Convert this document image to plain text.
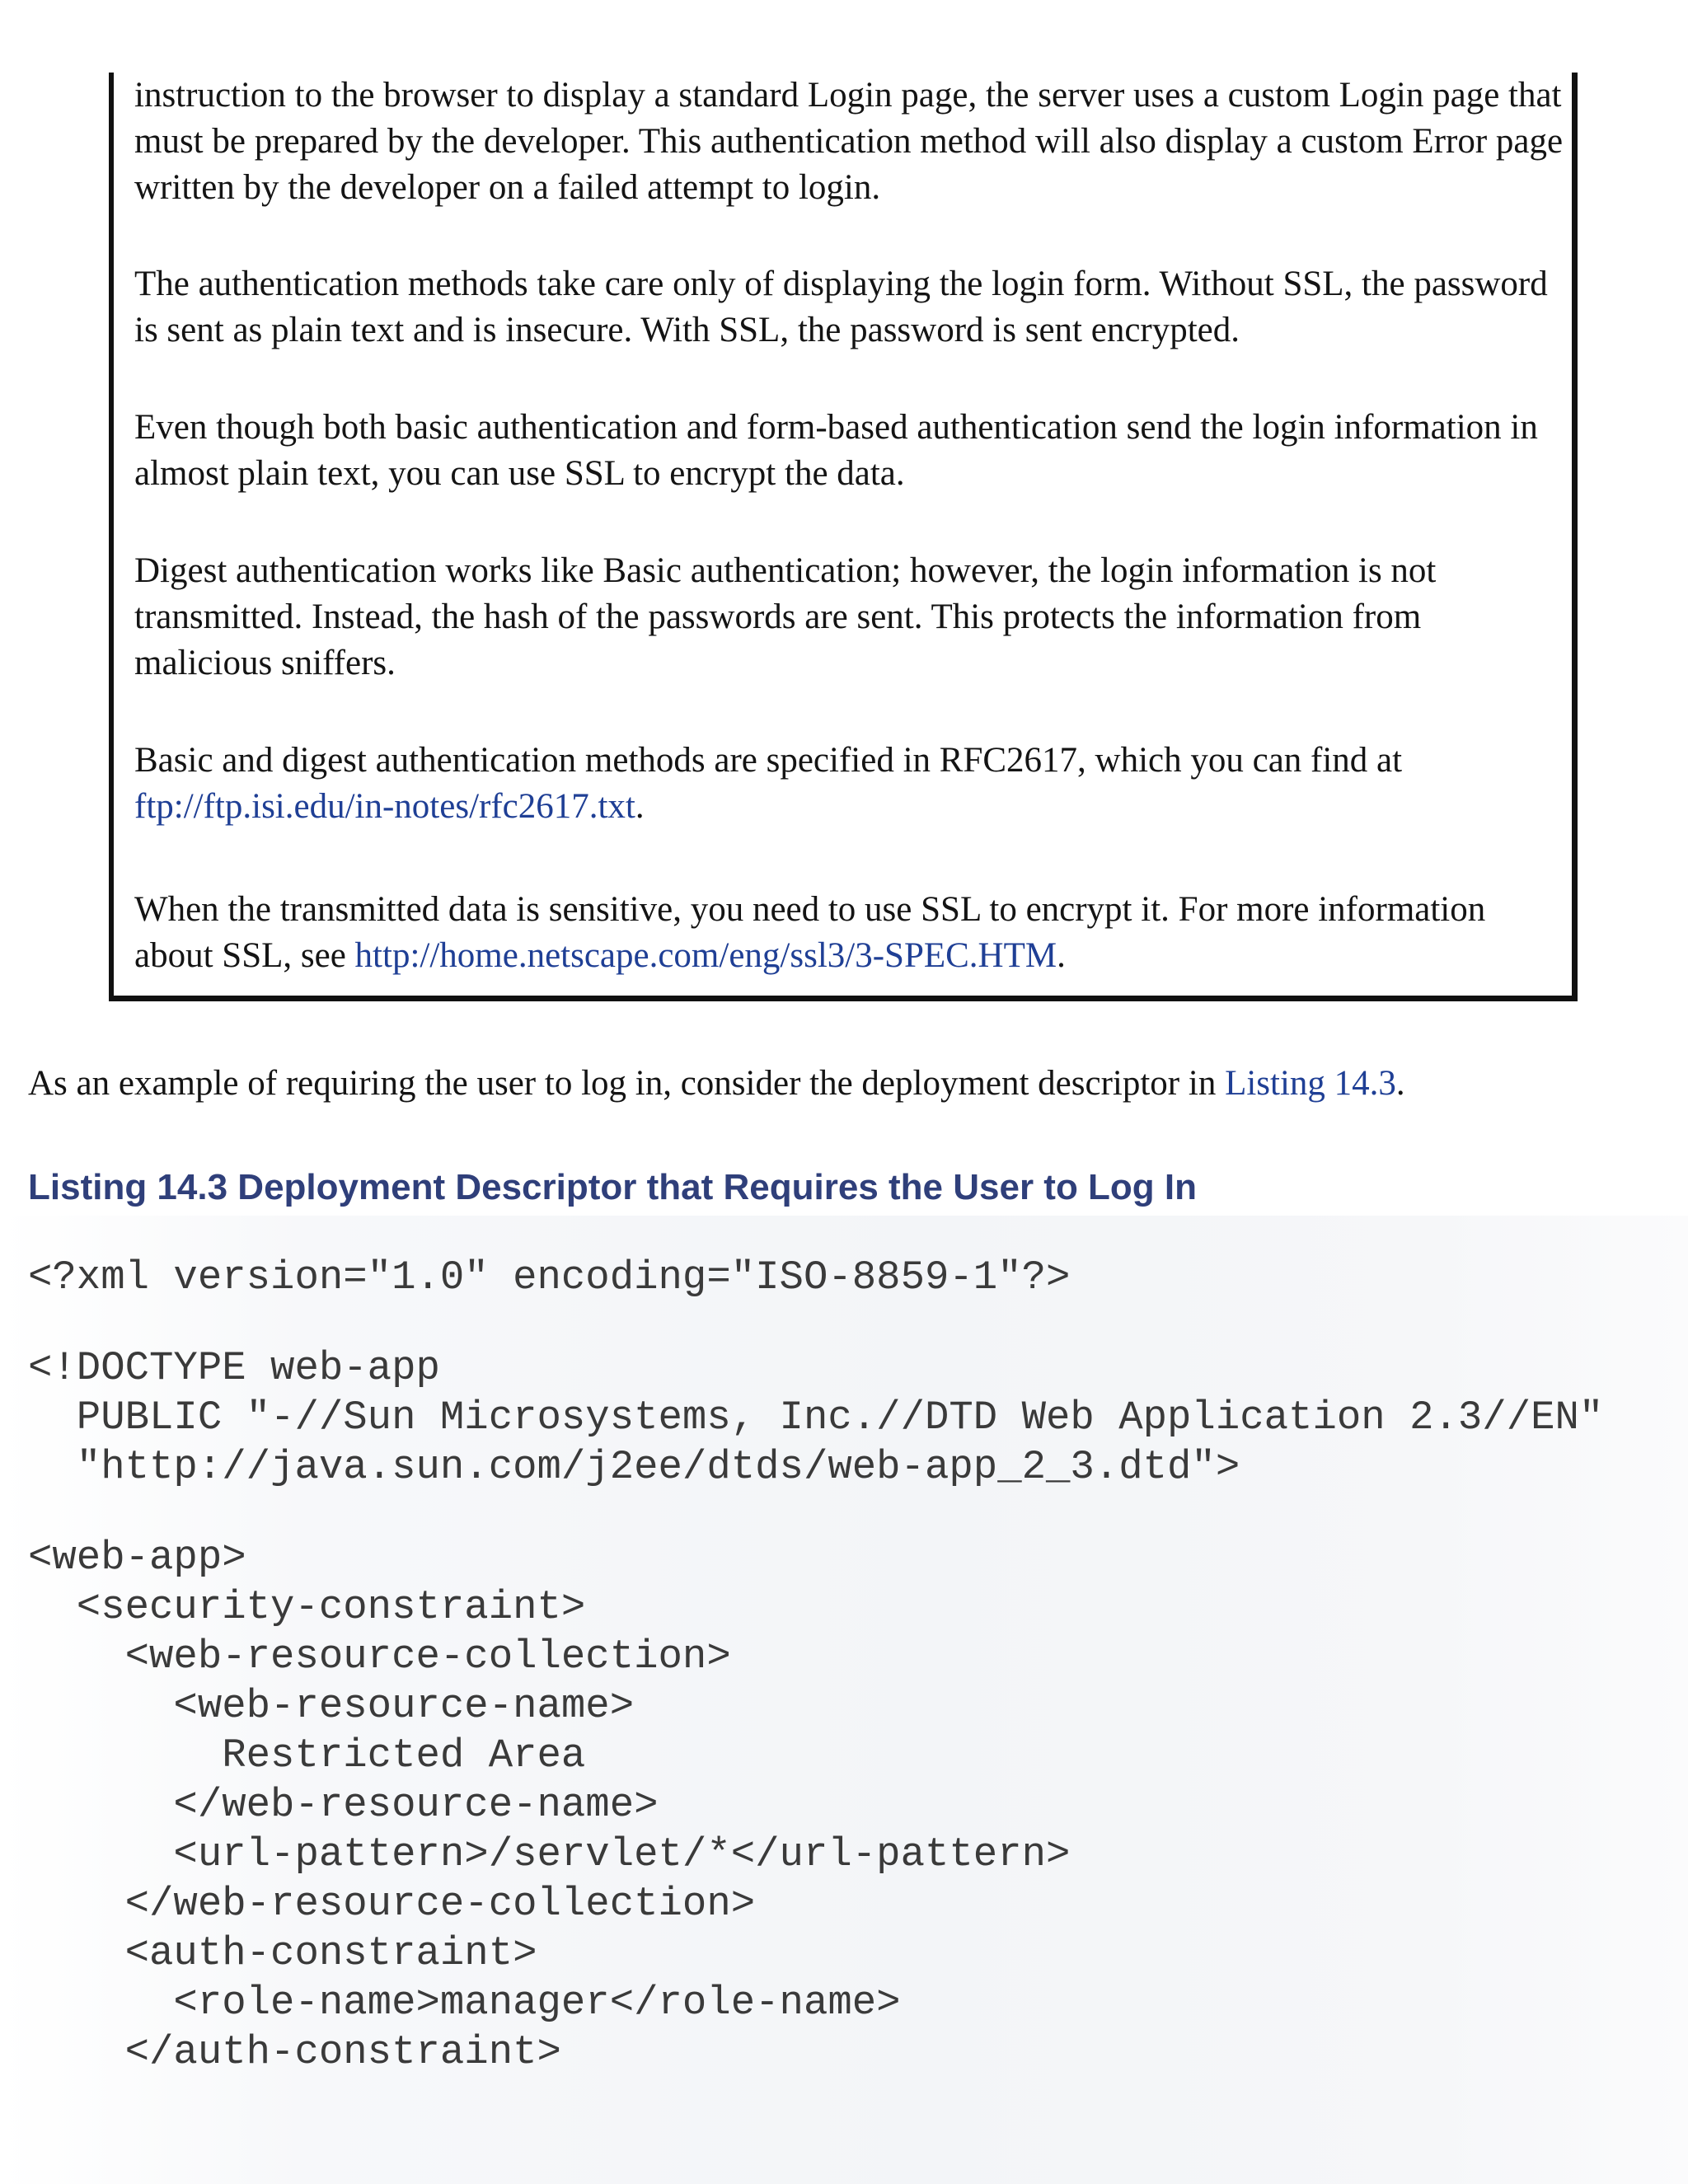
instruction to the browser to display a standard Login page, the server uses a custom Login page that must be prepared by the developer. This authentication method will also display a custom Error page written by the developer on a failed attempt to login.

The authentication methods take care only of displaying the login form. Without SSL, the password is sent as plain text and is insecure. With SSL, the password is sent encrypted.

Even though both basic authentication and form-based authentication send the login information in almost plain text, you can use SSL to encrypt the data.

Digest authentication works like Basic authentication; however, the login information is not transmitted. Instead, the hash of the passwords are sent. This protects the information from malicious sniffers.

Basic and digest authentication methods are specified in RFC2617, which you can find at ftp://ftp.isi.edu/in-notes/rfc2617.txt.

When the transmitted data is sensitive, you need to use SSL to encrypt it. For more information about SSL, see http://home.netscape.com/eng/ssl3/3-SPEC.HTM.

As an example of requiring the user to log in, consider the deployment descriptor in Listing 14.3.

Listing 14.3 Deployment Descriptor that Requires the User to Log In
<?xml version="1.0" encoding="ISO-8859-1"?>
<!DOCTYPE web-app
PUBLIC "-//Sun Microsystems, Inc.//DTD Web Application 2.3//EN"
"http://java.sun.com/j2ee/dtds/web-app_2_3.dtd">
<web-app>
<security-constraint>
<web-resource-collection>
<web-resource-name>
Restricted Area
</web-resource-name>
<url-pattern>/servlet/*</url-pattern>
</web-resource-collection>
<auth-constraint>
<role-name>manager</role-name>
</auth-constraint>
